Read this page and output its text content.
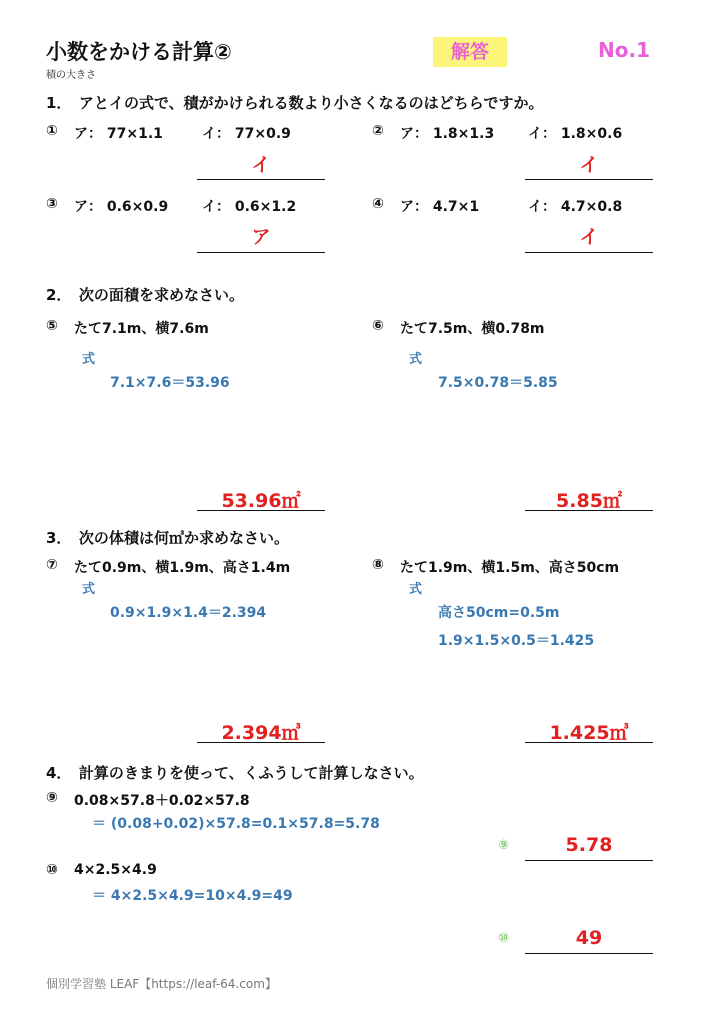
小数をかける計算②
積の大きさ
解答	No.1
1．　アとイの式で、積がかけられる数より小さくなるのはどちらですか。
① ア： 77×1.1	イ： 77×0.9
イ
② ア： 1.8×1.3 イ： 1.8×0.6
イ
③ ア： 0.6×0.9 イ： 0.6×1.2
ア
④ ア： 4.7×1	イ： 4.7×0.8
イ
2．　次の面積を求めなさい。
⑤ たて7.1m、横7.6m
式
7.1×7.6＝53.96
53.96㎡
⑥ たて7.5m、横0.78m
式
7.5×0.78＝5.85
5.85㎡
3．　次の体積は何㎥か求めなさい。
⑦ たて0.9m、横1.9m、高さ1.4m
式
0.9×1.9×1.4＝2.394
2.394㎥
⑧ たて1.9m、横1.5m、高さ50cm
式
高さ50cm=0.5m
1.9×1.5×0.5＝1.425
1.425㎥
4．　計算のきまりを使って、くふうして計算しなさい。
⑨ 0.08×57.8＋0.02×57.8
＝ (0.08+0.02)×57.8=0.1×57.8=5.78
⑨	5.78
⑩ 4×2.5×4.9
＝ 4×2.5×4.9=10×4.9=49
⑩	49
個別学習塾 LEAF【https://leaf-64.com】
